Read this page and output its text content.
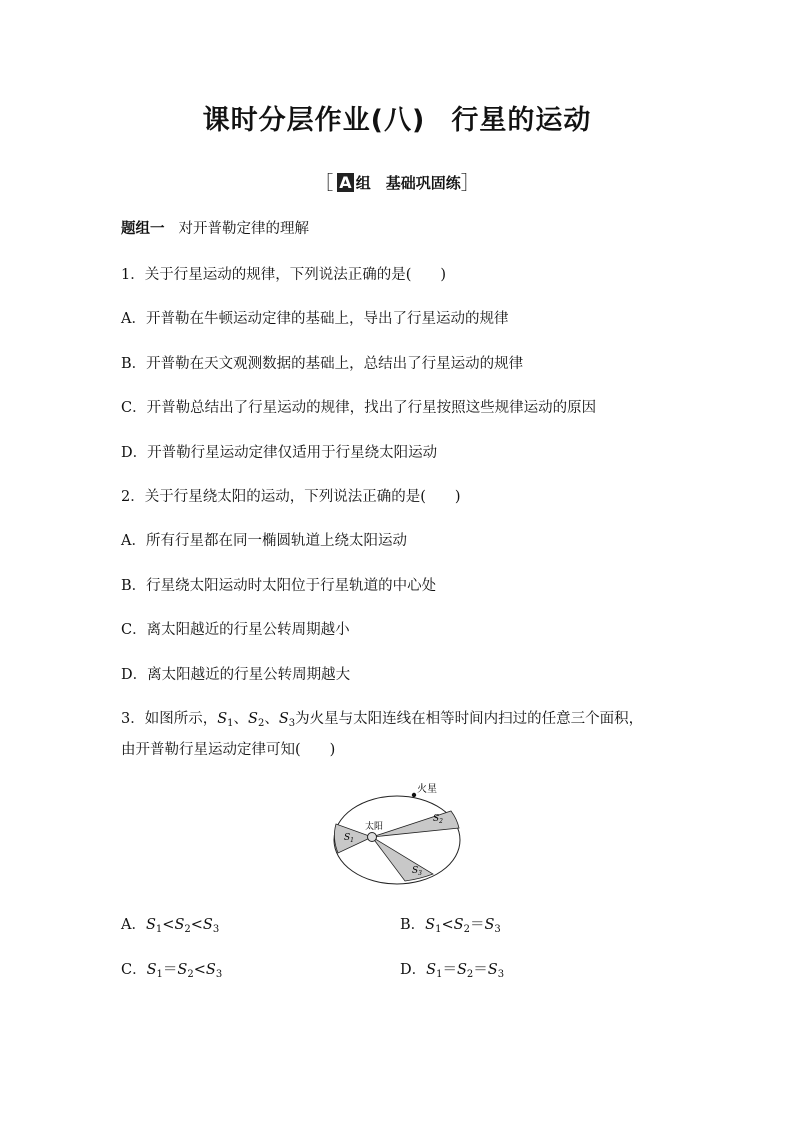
课时分层作业(八) 行星的运动
［ A 组　基础巩固练］
题组一 对开普勒定律的理解
1．关于行星运动的规律，下列说法正确的是(　　)
A．开普勒在牛顿运动定律的基础上，导出了行星运动的规律
B．开普勒在天文观测数据的基础上，总结出了行星运动的规律
C．开普勒总结出了行星运动的规律，找出了行星按照这些规律运动的原因
D．开普勒行星运动定律仅适用于行星绕太阳运动
2．关于行星绕太阳的运动，下列说法正确的是(　　)
A．所有行星都在同一椭圆轨道上绕太阳运动
B．行星绕太阳运动时太阳位于行星轨道的中心处
C．离太阳越近的行星公转周期越小
D．离太阳越近的行星公转周期越大
3．如图所示，$S_1$、$S_2$、$S_3$为火星与太阳连线在相等时间内扫过的任意三个面积，
由开普勒行星运动定律可知(　　)
火星
太阳
$S_1$
$S_2$
$S_3$
A．$S_1<S_2<S_3$	B．$S_1<S_2=S_3$
C．$S_1=S_2<S_3$	D．$S_1=S_2=S_3$
